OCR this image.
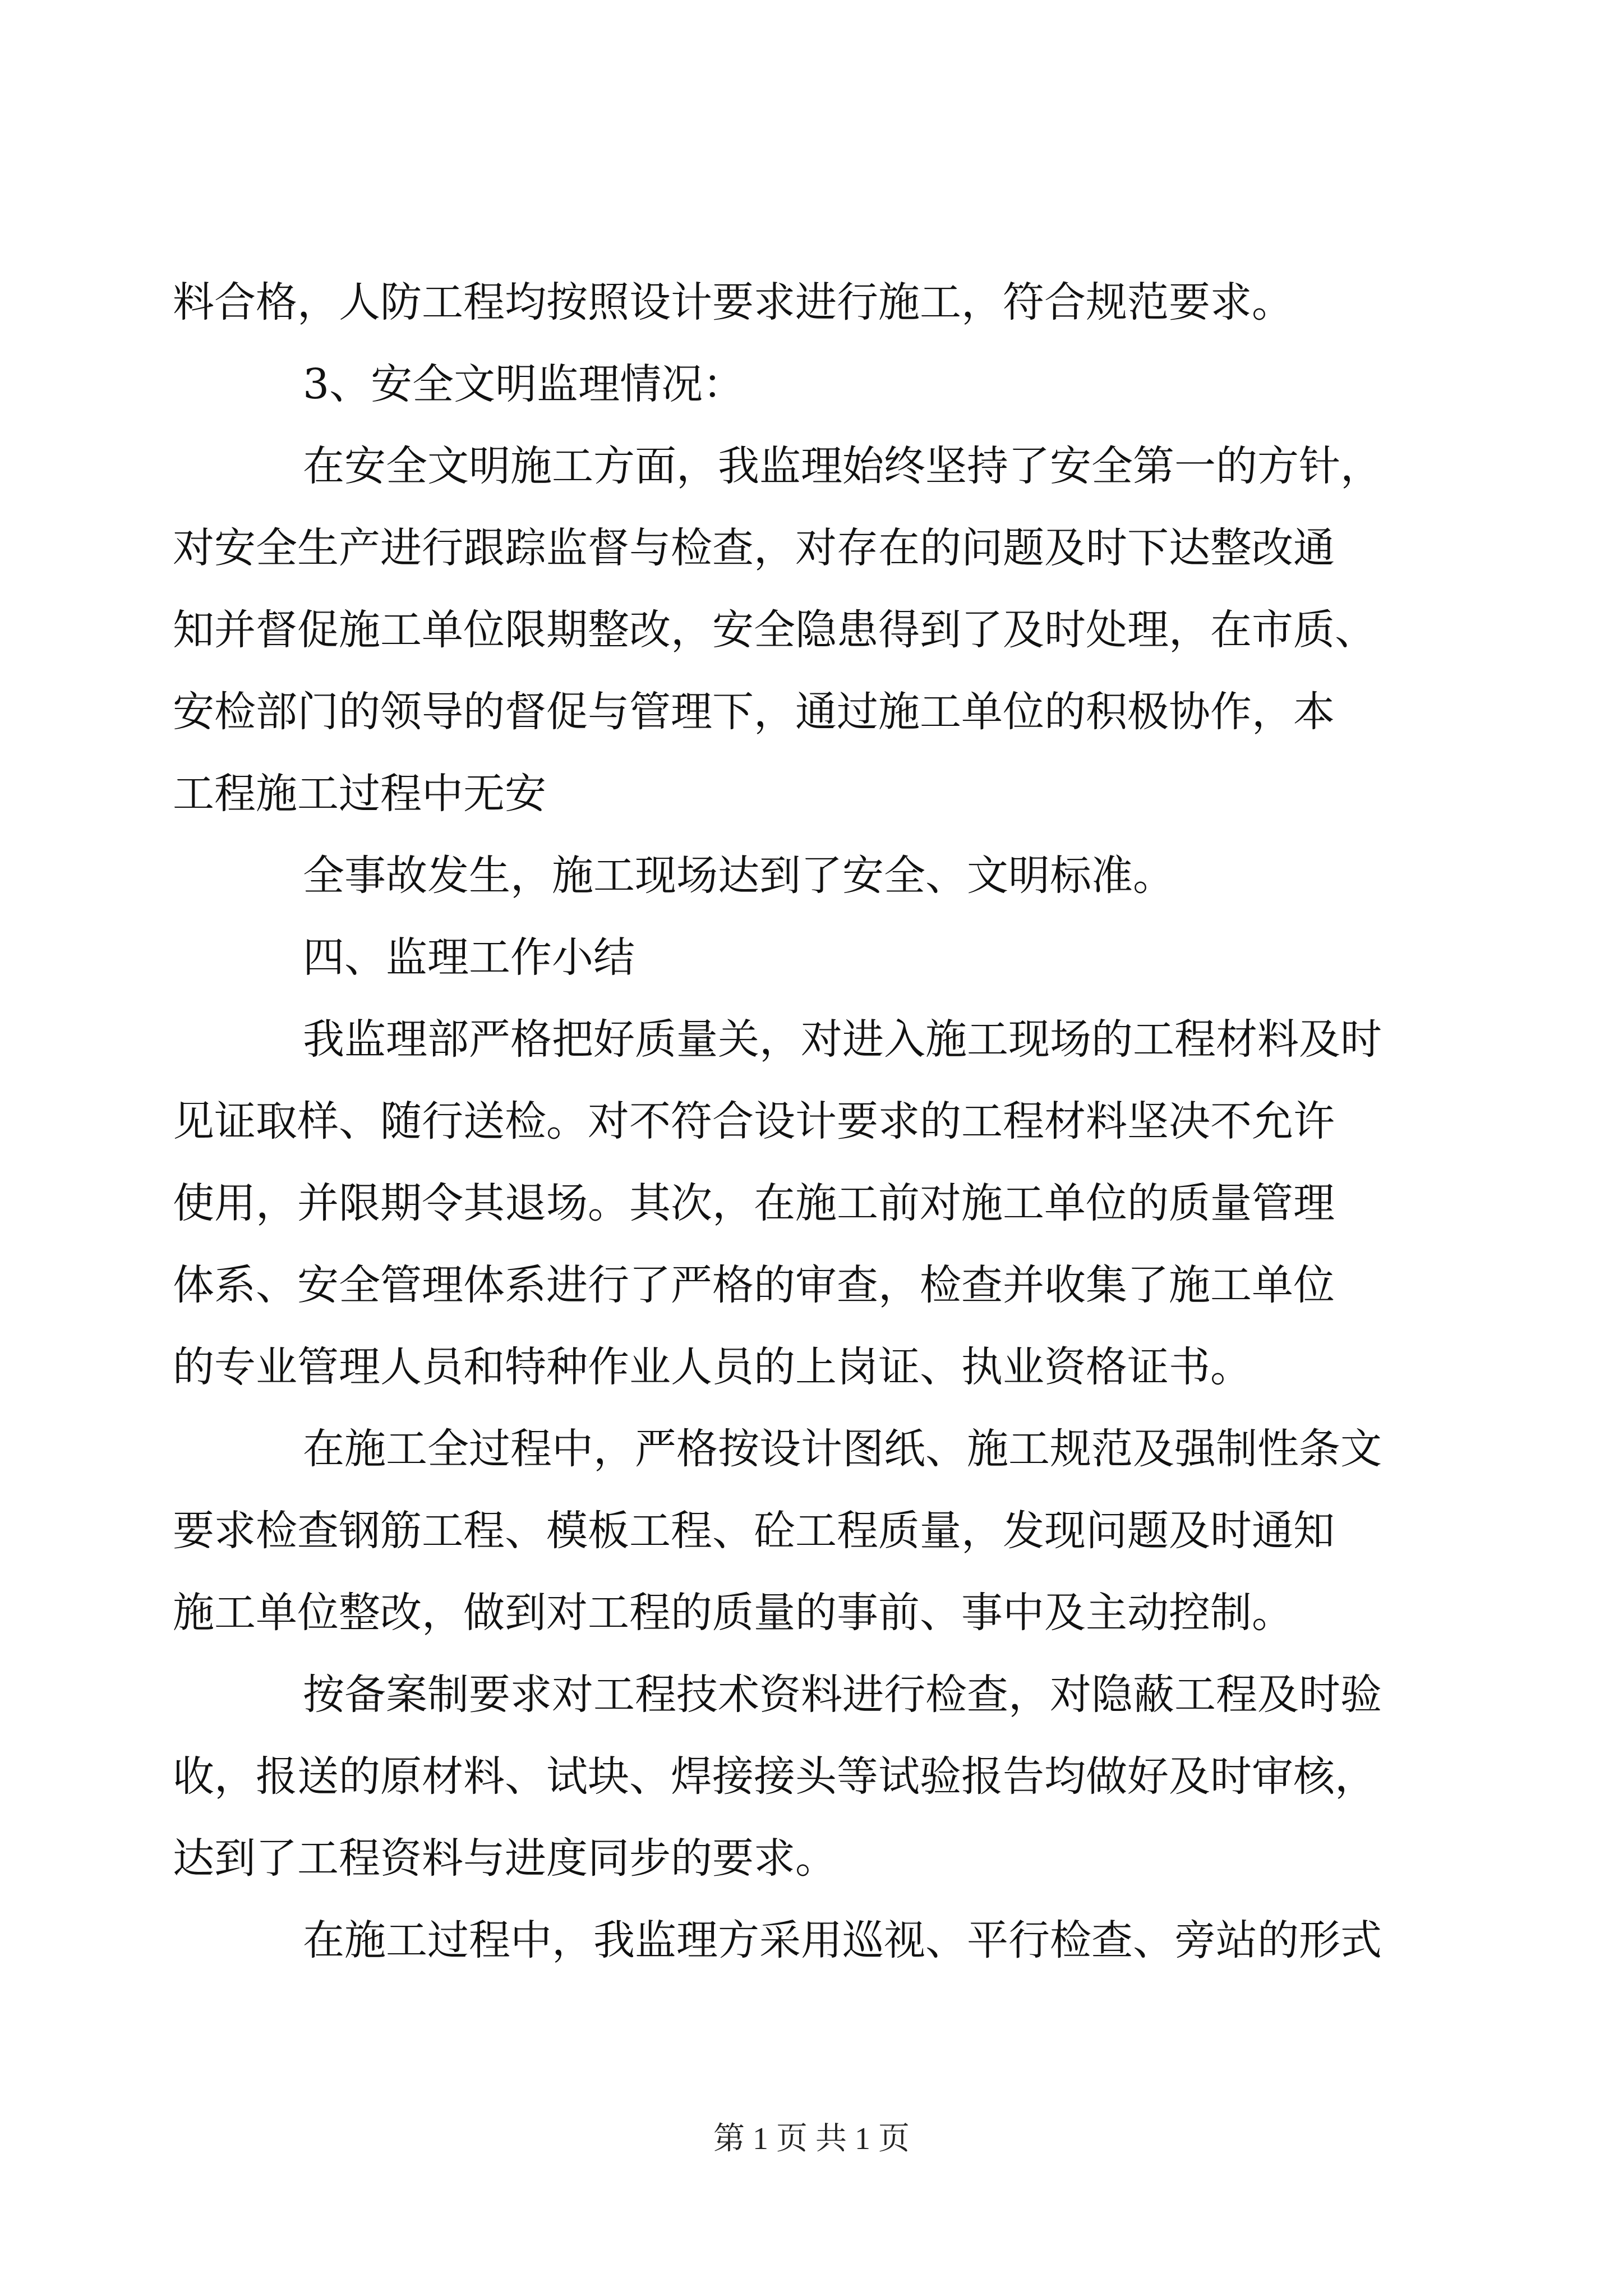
料合格，人防工程均按照设计要求进行施工，符合规范要求。

3、安全文明监理情况：

在安全文明施工方面，我监理始终坚持了安全第一的方针，

对安全生产进行跟踪监督与检查，对存在的问题及时下达整改通

知并督促施工单位限期整改，安全隐患得到了及时处理，在市质、

安检部门的领导的督促与管理下，通过施工单位的积极协作，本

工程施工过程中无安

全事故发生，施工现场达到了安全、文明标准。

四、监理工作小结

我监理部严格把好质量关，对进入施工现场的工程材料及时

见证取样、随行送检。对不符合设计要求的工程材料坚决不允许

使用，并限期令其退场。其次，在施工前对施工单位的质量管理

体系、安全管理体系进行了严格的审查，检查并收集了施工单位

的专业管理人员和特种作业人员的上岗证、执业资格证书。

在施工全过程中，严格按设计图纸、施工规范及强制性条文

要求检查钢筋工程、模板工程、砼工程质量，发现问题及时通知

施工单位整改，做到对工程的质量的事前、事中及主动控制。

按备案制要求对工程技术资料进行检查，对隐蔽工程及时验

收，报送的原材料、试块、焊接接头等试验报告均做好及时审核，

达到了工程资料与进度同步的要求。

在施工过程中，我监理方采用巡视、平行检查、旁站的形式

第 1 页 共 1 页
